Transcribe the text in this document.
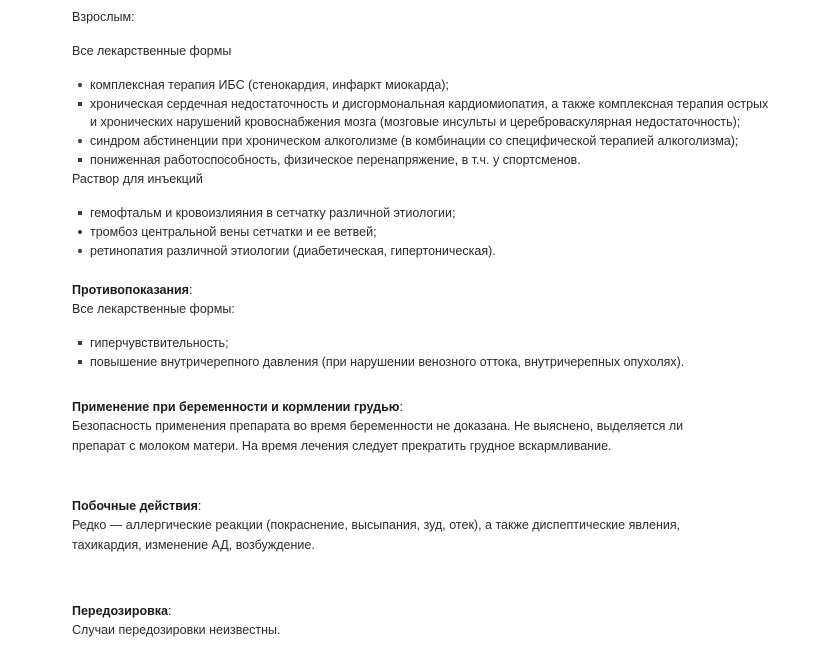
Взрослым:

Все лекарственные формы

комплексная терапия ИБС (стенокардия, инфаркт миокарда);
хроническая сердечная недостаточность и дисгормональная кардиомиопатия, а также комплексная терапия острых и хронических нарушений кровоснабжения мозга (мозговые инсульты и цереброваскулярная недостаточность);
синдром абстиненции при хроническом алкоголизме (в комбинации со специфической терапией алкоголизма);
пониженная работоспособность, физическое перенапряжение, в т.ч. у спортсменов.

Раствор для инъекций

гемофтальм и кровоизлияния в сетчатку различной этиологии;
тромбоз центральной вены сетчатки и ее ветвей;
ретинопатия различной этиологии (диабетическая, гипертоническая).

Противопоказания:

Все лекарственные формы:

гиперчувствительность;
повышение внутричерепного давления (при нарушении венозного оттока, внутричерепных опухолях).

Применение при беременности и кормлении грудью:

Безопасность применения препарата во время беременности не доказана. Не выяснено, выделяется ли

препарат с молоком матери. На время лечения следует прекратить грудное вскармливание.

Побочные действия:

Редко — аллергические реакции (покраснение, высыпания, зуд, отек), а также диспептические явления,

тахикардия, изменение АД, возбуждение.

Передозировка:

Случаи передозировки неизвестны.
